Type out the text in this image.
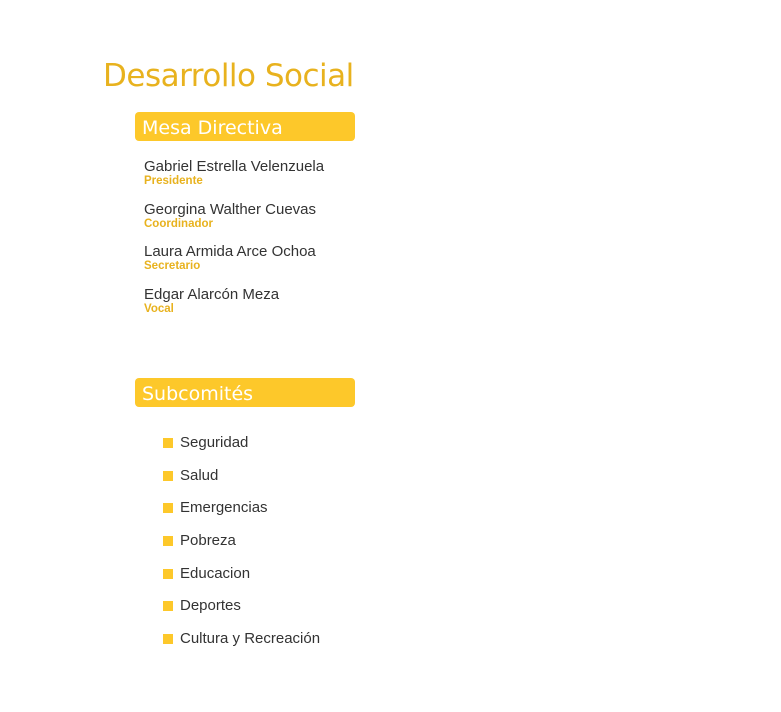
Desarrollo Social
Mesa Directiva
Gabriel Estrella Velenzuela
Presidente
Georgina Walther Cuevas
Coordinador
Laura Armida Arce Ochoa
Secretario
Edgar Alarcón Meza
Vocal
Subcomités
Seguridad
Salud
Emergencias
Pobreza
Educacion
Deportes
Cultura y Recreación
